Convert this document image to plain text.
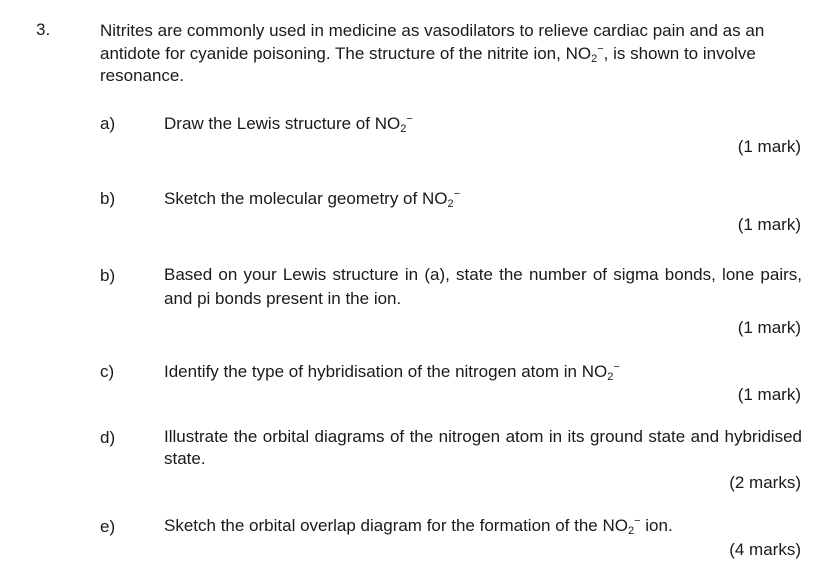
3.	Nitrites are commonly used in medicine as vasodilators to relieve cardiac pain and as an antidote for cyanide poisoning. The structure of the nitrite ion, $NO_2^-$, is shown to involve resonance.
a)	Draw the Lewis structure of $NO_2^-$
(1 mark)
b)	Sketch the molecular geometry of $NO_2^-$
(1 mark)
b)	Based on your Lewis structure in (a), state the number of sigma bonds, lone pairs, and pi bonds present in the ion.
(1 mark)
c)	Identify the type of hybridisation of the nitrogen atom in $NO_2^-$
(1 mark)
d)	Illustrate the orbital diagrams of the nitrogen atom in its ground state and hybridised state.
(2 marks)
e)	Sketch the orbital overlap diagram for the formation of the $NO_2^-$ ion.
(4 marks)
